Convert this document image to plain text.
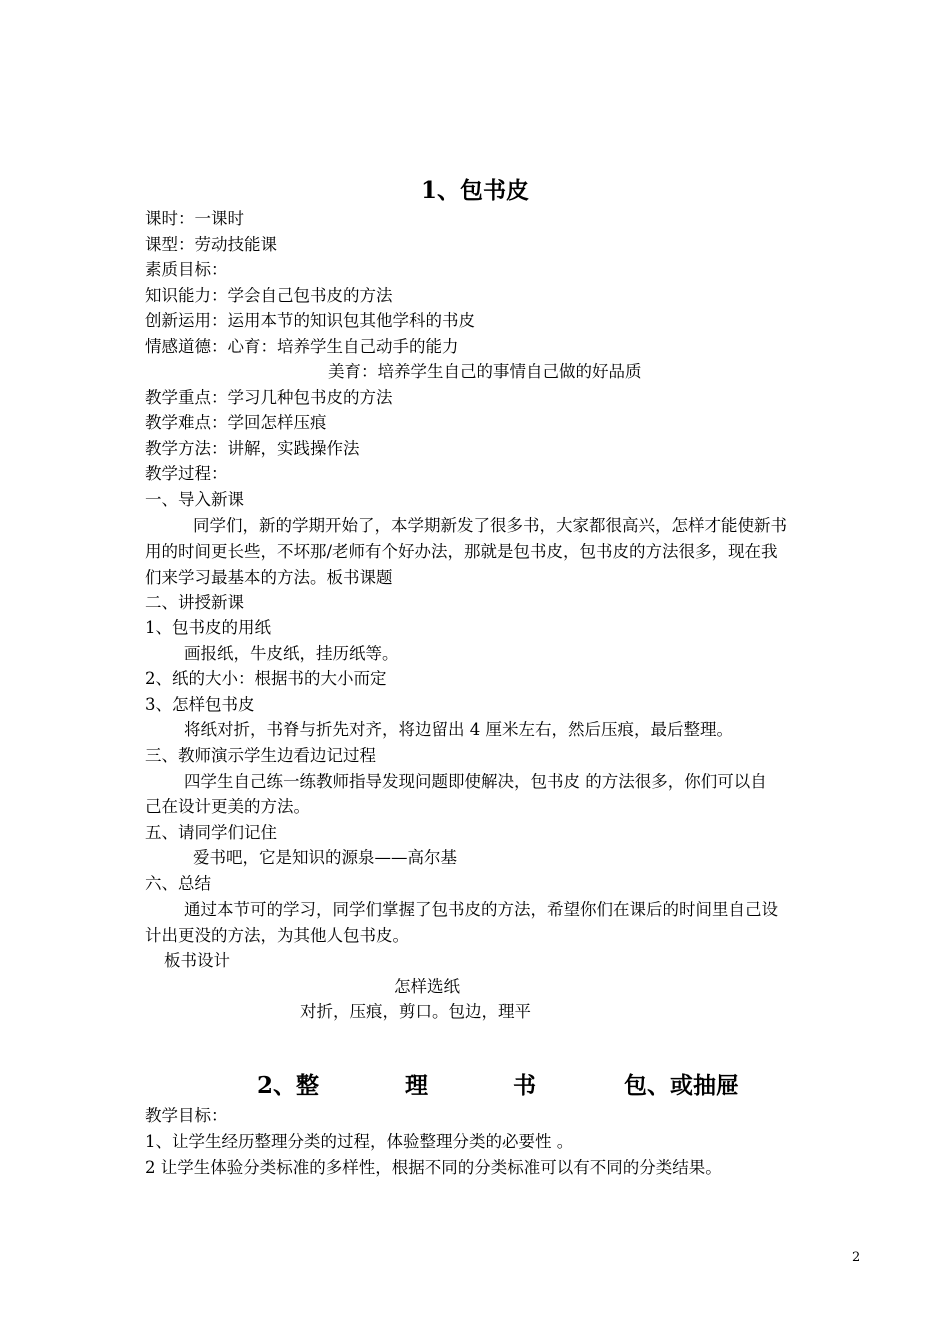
1、包书皮
课时：一课时
课型：劳动技能课
素质目标：
知识能力：学会自己包书皮的方法
创新运用：运用本节的知识包其他学科的书皮
情感道德：心育：培养学生自己动手的能力
美育：培养学生自己的事情自己做的好品质
教学重点：学习几种包书皮的方法
教学难点：学回怎样压痕
教学方法：讲解，实践操作法
教学过程：
一、导入新课
同学们，新的学期开始了，本学期新发了很多书，大家都很高兴，怎样才能使新书
用的时间更长些，不坏那/老师有个好办法，那就是包书皮，包书皮的方法很多，现在我
们来学习最基本的方法。板书课题
二、讲授新课
1、包书皮的用纸
画报纸，牛皮纸，挂历纸等。
2、纸的大小：根据书的大小而定
3、怎样包书皮
将纸对折，书脊与折先对齐，将边留出 4 厘米左右，然后压痕，最后整理。
三、教师演示学生边看边记过程
四学生自己练一练教师指导发现问题即使解决，包书皮 的方法很多，你们可以自
己在设计更美的方法。
五、请同学们记住
爱书吧，它是知识的源泉——高尔基
六、总结
通过本节可的学习，同学们掌握了包书皮的方法，希望你们在课后的时间里自己设
计出更没的方法，为其他人包书皮。
板书设计
怎样选纸
对折，压痕，剪口。包边，理平
2、整	理	书	包、或抽屉
教学目标：
1、让学生经历整理分类的过程，体验整理分类的必要性 。
2 让学生体验分类标准的多样性，根据不同的分类标准可以有不同的分类结果。
2
